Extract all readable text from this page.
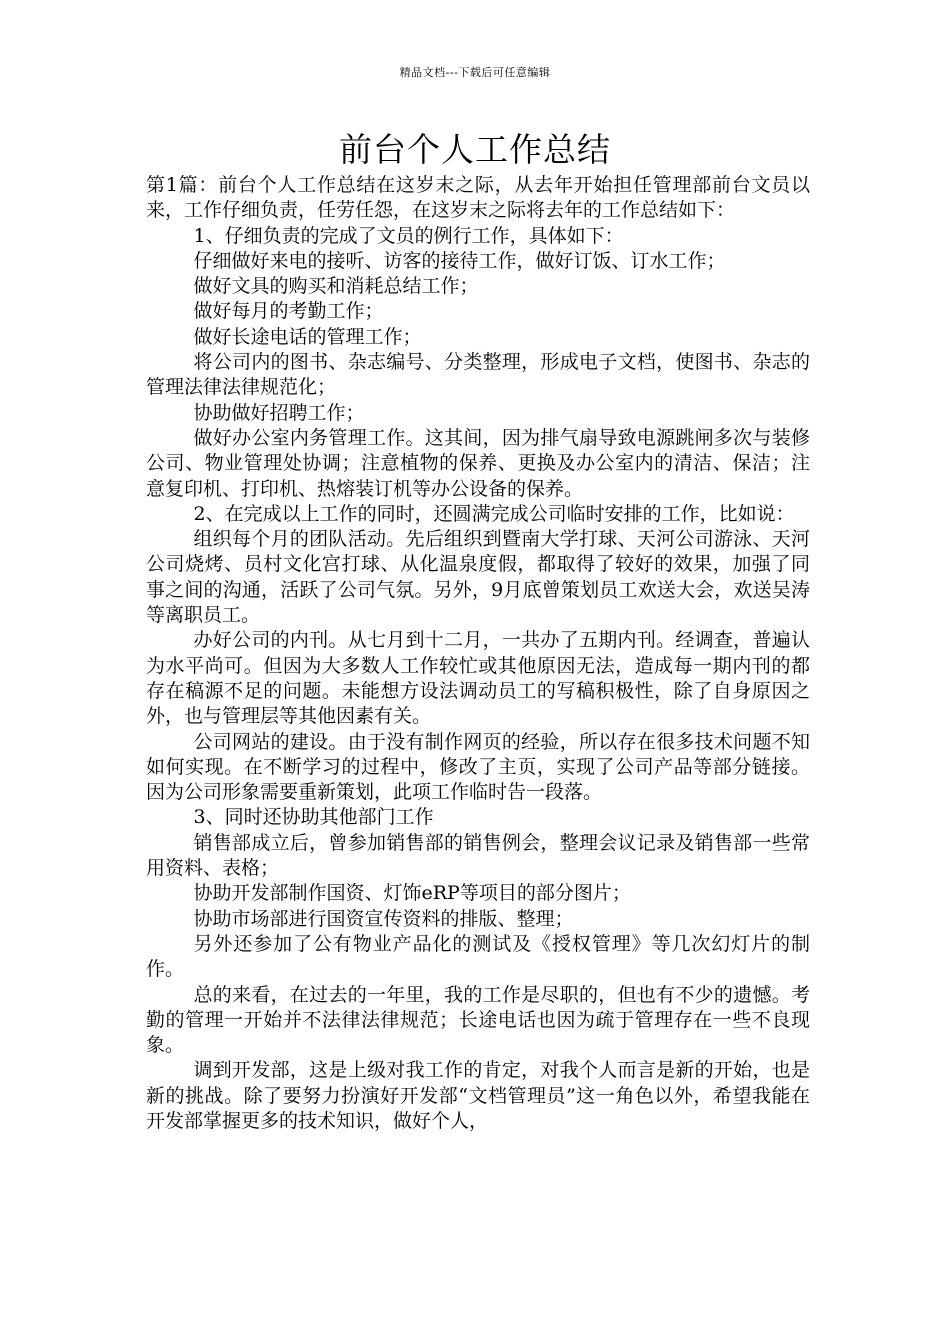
精品文档---下载后可任意编辑
前台个人工作总结

第1篇：前台个人工作总结在这岁末之际，从去年开始担任管理部前台文员以来，工作仔细负责，任劳任怨，在这岁末之际将去年的工作总结如下：

1、仔细负责的完成了文员的例行工作，具体如下：

仔细做好来电的接听、访客的接待工作，做好订饭、订水工作；

做好文具的购买和消耗总结工作；

做好每月的考勤工作；

做好长途电话的管理工作；

将公司内的图书、杂志编号、分类整理，形成电子文档，使图书、杂志的管理法律法律规范化；

协助做好招聘工作；

做好办公室内务管理工作。这其间，因为排气扇导致电源跳闸多次与装修公司、物业管理处协调；注意植物的保养、更换及办公室内的清洁、保洁；注意复印机、打印机、热熔装订机等办公设备的保养。

2、在完成以上工作的同时，还圆满完成公司临时安排的工作，比如说：

组织每个月的团队活动。先后组织到暨南大学打球、天河公司游泳、天河公司烧烤、员村文化宫打球、从化温泉度假，都取得了较好的效果，加强了同事之间的沟通，活跃了公司气氛。另外，9月底曾策划员工欢送大会，欢送吴涛等离职员工。

办好公司的内刊。从七月到十二月，一共办了五期内刊。经调查，普遍认为水平尚可。但因为大多数人工作较忙或其他原因无法，造成每一期内刊的都存在稿源不足的问题。未能想方设法调动员工的写稿积极性，除了自身原因之外，也与管理层等其他因素有关。

公司网站的建设。由于没有制作网页的经验，所以存在很多技术问题不知如何实现。在不断学习的过程中，修改了主页，实现了公司产品等部分链接。因为公司形象需要重新策划，此项工作临时告一段落。

3、同时还协助其他部门工作

销售部成立后，曾参加销售部的销售例会，整理会议记录及销售部一些常用资料、表格；

协助开发部制作国资、灯饰eRP等项目的部分图片；

协助市场部进行国资宣传资料的排版、整理；

另外还参加了公有物业产品化的测试及《授权管理》等几次幻灯片的制作。

总的来看，在过去的一年里，我的工作是尽职的，但也有不少的遗憾。考勤的管理一开始并不法律法律规范；长途电话也因为疏于管理存在一些不良现象。

调到开发部，这是上级对我工作的肯定，对我个人而言是新的开始，也是新的挑战。除了要努力扮演好开发部“文档管理员”这一角色以外，希望我能在开发部掌握更多的技术知识，做好个人，
